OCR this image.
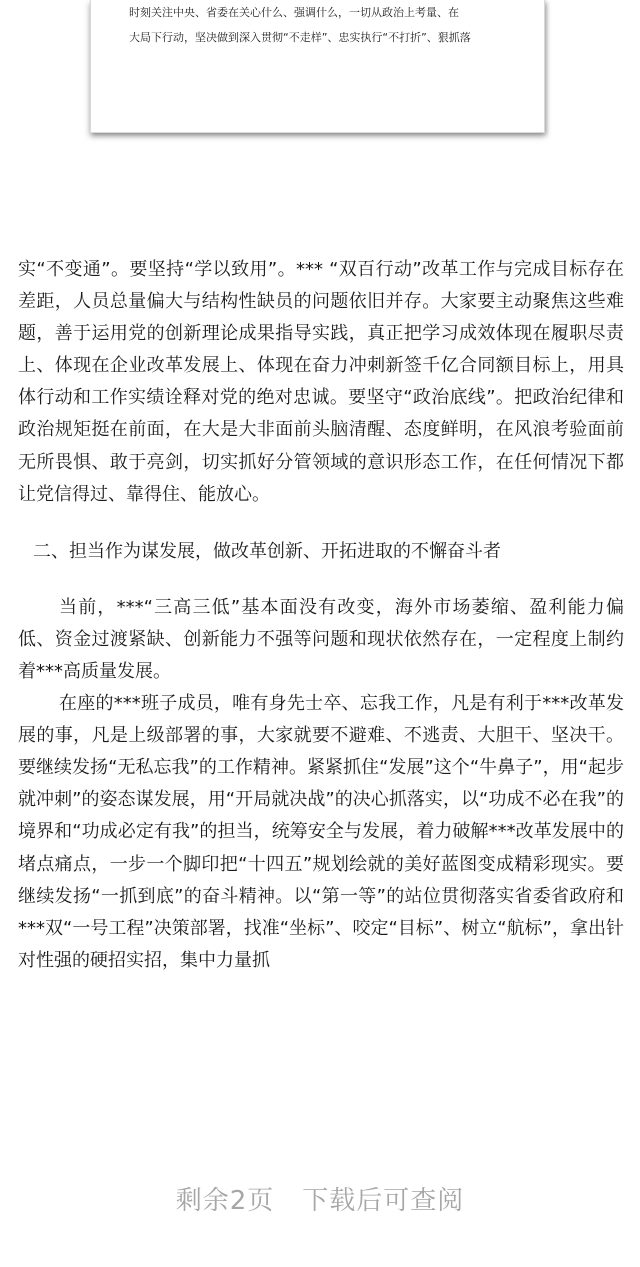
时刻关注中央、省委在关心什么、强调什么，一切从政治上考量、在
大局下行动，坚决做到深入贯彻“不走样”、忠实执行“不打折”、狠抓落

实“不变通”。要坚持“学以致用”。*** “双百行动”改革工作与完成目标存在差距，人员总量偏大与结构性缺员的问题依旧并存。大家要主动聚焦这些难题，善于运用党的创新理论成果指导实践，真正把学习成效体现在履职尽责上、体现在企业改革发展上、体现在奋力冲刺新签千亿合同额目标上，用具体行动和工作实绩诠释对党的绝对忠诚。要坚守“政治底线”。把政治纪律和政治规矩挺在前面，在大是大非面前头脑清醒、态度鲜明，在风浪考验面前无所畏惧、敢于亮剑，切实抓好分管领域的意识形态工作，在任何情况下都让党信得过、靠得住、能放心。

二、担当作为谋发展，做改革创新、开拓进取的不懈奋斗者

当前，***“三高三低”基本面没有改变，海外市场萎缩、盈利能力偏低、资金过渡紧缺、创新能力不强等问题和现状依然存在，一定程度上制约着***高质量发展。

在座的***班子成员，唯有身先士卒、忘我工作，凡是有利于***改革发展的事，凡是上级部署的事，大家就要不避难、不逃责、大胆干、坚决干。要继续发扬“无私忘我”的工作精神。紧紧抓住“发展”这个“牛鼻子”，用“起步就冲刺”的姿态谋发展，用“开局就决战”的决心抓落实，以“功成不必在我”的境界和“功成必定有我”的担当，统筹安全与发展，着力破解***改革发展中的堵点痛点，一步一个脚印把“十四五”规划绘就的美好蓝图变成精彩现实。要继续发扬“一抓到底”的奋斗精神。以“第一等”的站位贯彻落实省委省政府和***双“一号工程”决策部署，找准“坐标”、咬定“目标”、树立“航标”，拿出针对性强的硬招实招，集中力量抓

剩余2页 下载后可查阅
